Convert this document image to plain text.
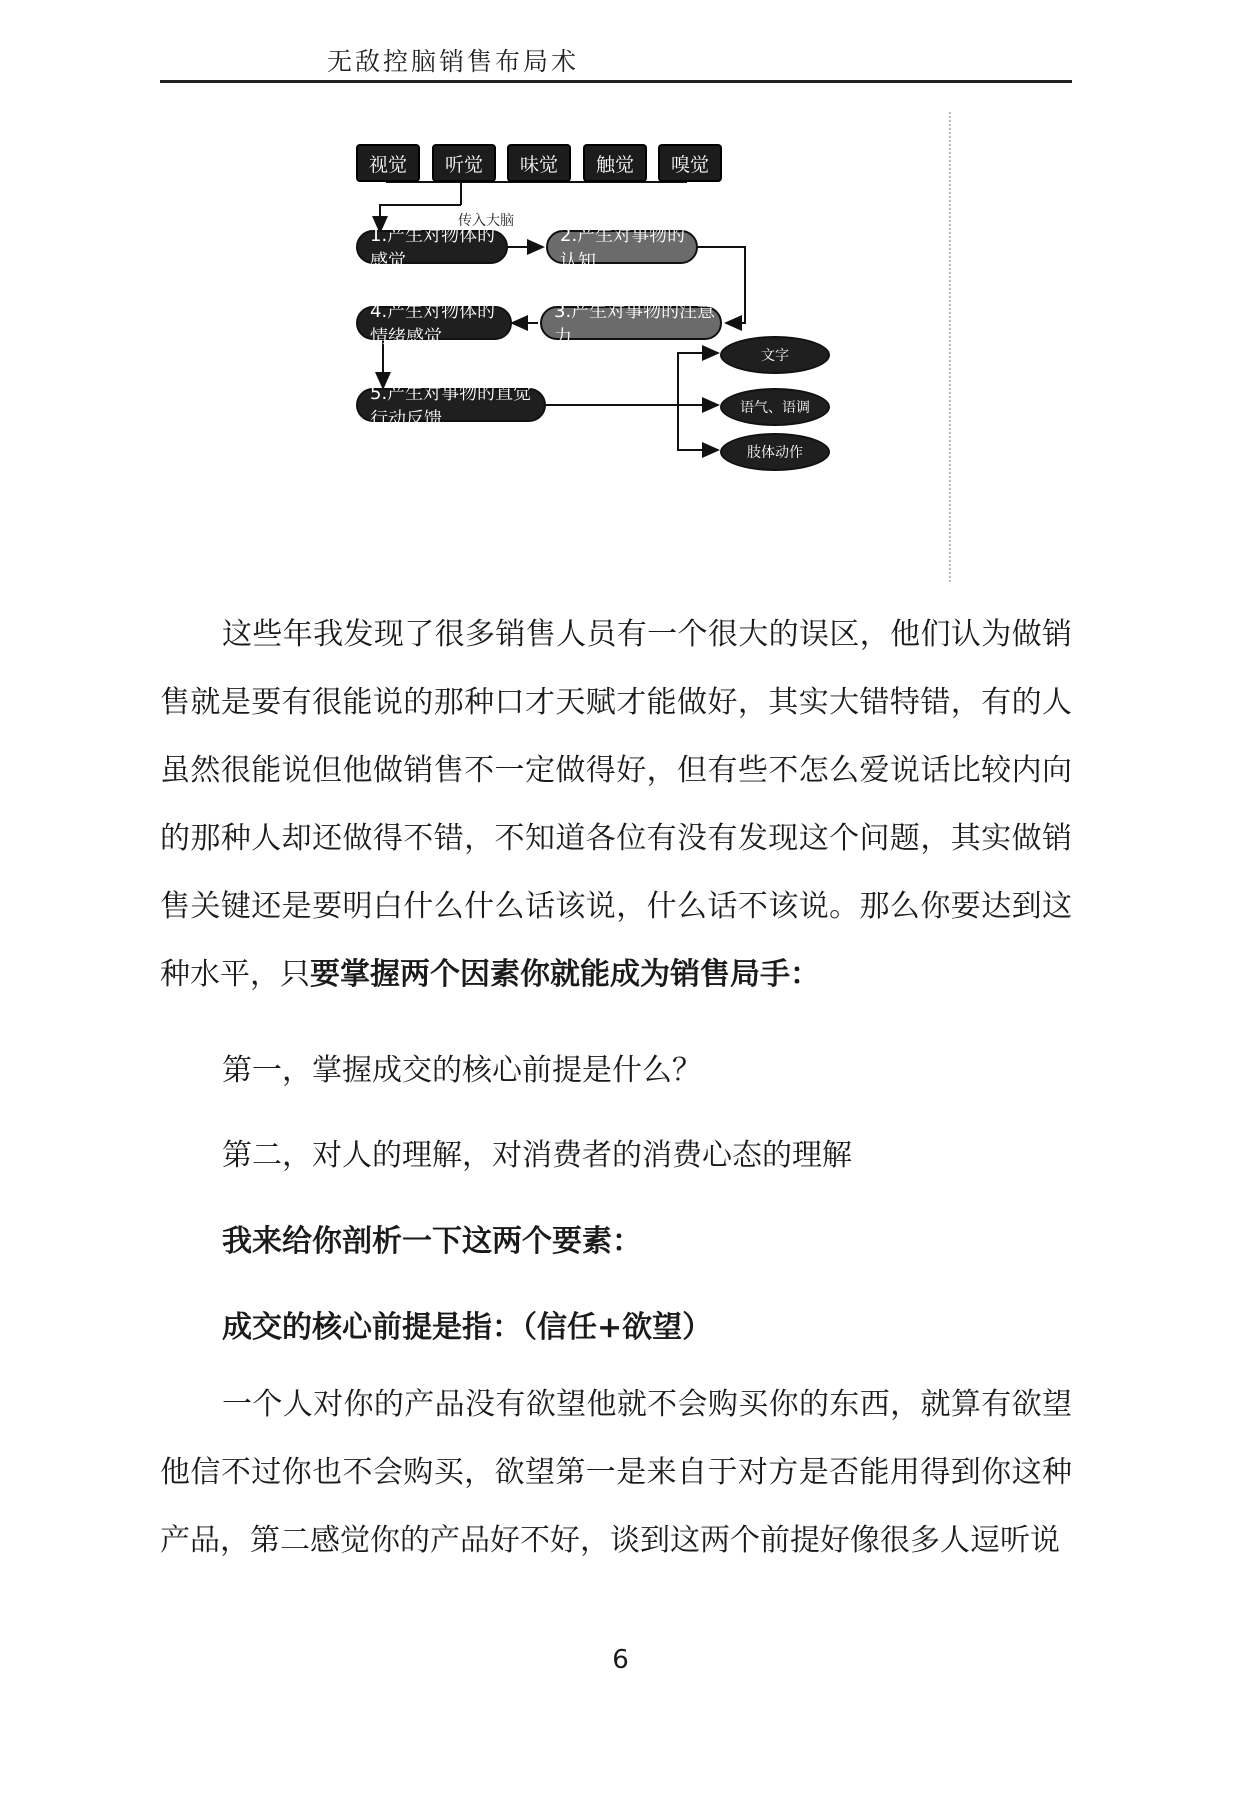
无敌控脑销售布局术
视觉	听觉	味觉	触觉	嗅觉
传入大脑
1.产生对物体的感觉
2.产生对事物的认知
3.产生对事物的注意力
4.产生对物体的情绪感觉
5.产生对事物的直觉行动反馈
文字
语气、语调
肢体动作
这些年我发现了很多销售人员有一个很大的误区，他们认为做销售就是要有很能说的那种口才天赋才能做好，其实大错特错，有的人虽然很能说但他做销售不一定做得好，但有些不怎么爱说话比较内向的那种人却还做得不错，不知道各位有没有发现这个问题，其实做销售关键还是要明白什么什么话该说，什么话不该说。那么你要达到这种水平，只要掌握两个因素你就能成为销售局手：
第一，掌握成交的核心前提是什么？
第二，对人的理解，对消费者的消费心态的理解
我来给你剖析一下这两个要素：
成交的核心前提是指：（信任+欲望）
一个人对你的产品没有欲望他就不会购买你的东西，就算有欲望他信不过你也不会购买，欲望第一是来自于对方是否能用得到你这种产品，第二感觉你的产品好不好，谈到这两个前提好像很多人逗听说
6
